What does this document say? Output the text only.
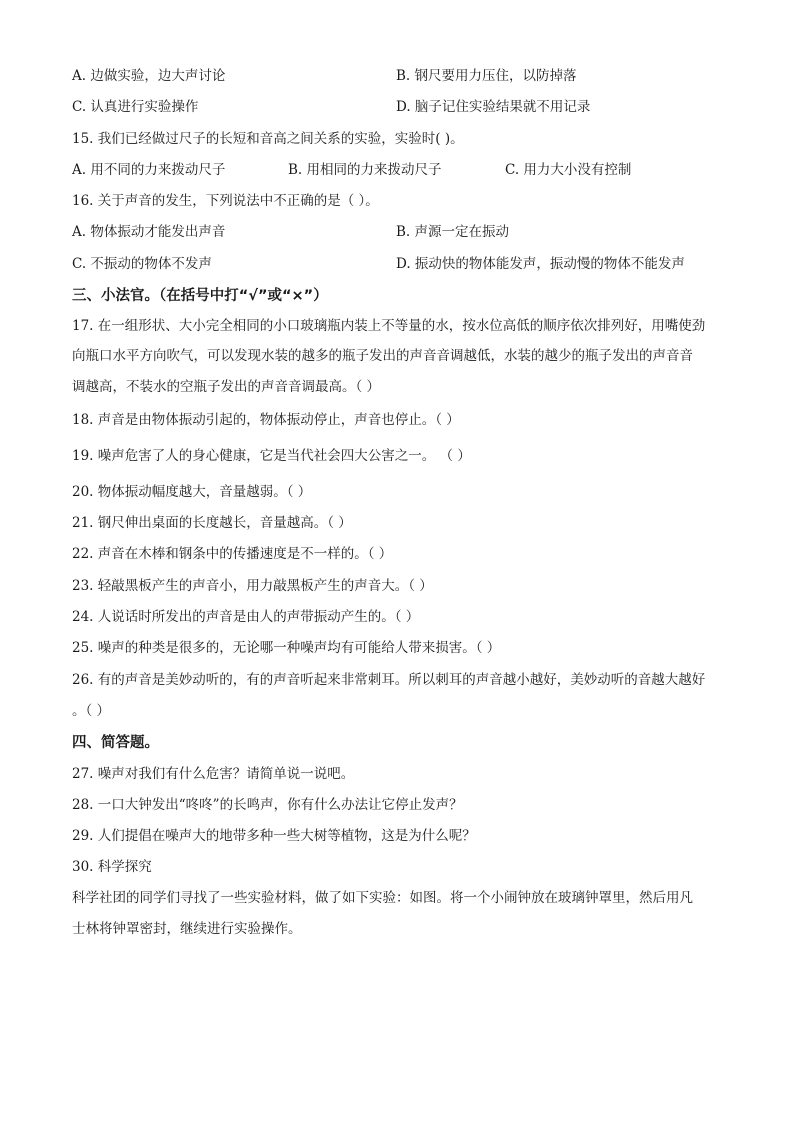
A. 边做实验，边大声讨论	B. 钢尺要用力压住，以防掉落
C. 认真进行实验操作	D. 脑子记住实验结果就不用记录
15. 我们已经做过尺子的长短和音高之间关系的实验，实验时( )。
A. 用不同的力来拨动尺子	B. 用相同的力来拨动尺子	C. 用力大小没有控制
16. 关于声音的发生，下列说法中不正确的是（ ）。
A. 物体振动才能发出声音	B. 声源一定在振动
C. 不振动的物体不发声	D. 振动快的物体能发声，振动慢的物体不能发声
三、小法官。（在括号中打“√”或“×”）
17. 在一组形状、大小完全相同的小口玻璃瓶内装上不等量的水，按水位高低的顺序依次排列好，用嘴使劲
向瓶口水平方向吹气，可以发现水装的越多的瓶子发出的声音音调越低，水装的越少的瓶子发出的声音音
调越高，不装水的空瓶子发出的声音音调最高。（ ）
18. 声音是由物体振动引起的，物体振动停止，声音也停止。（ ）
19. 噪声危害了人的身心健康，它是当代社会四大公害之一。 （ ）
20. 物体振动幅度越大，音量越弱。（ ）
21. 钢尺伸出桌面的长度越长，音量越高。（ ）
22. 声音在木棒和钢条中的传播速度是不一样的。（ ）
23. 轻敲黑板产生的声音小，用力敲黑板产生的声音大。（ ）
24. 人说话时所发出的声音是由人的声带振动产生的。（ ）
25. 噪声的种类是很多的，无论哪一种噪声均有可能给人带来损害。（ ）
26. 有的声音是美妙动听的，有的声音听起来非常刺耳。所以刺耳的声音越小越好，美妙动听的音越大越好
。（ ）
四、简答题。
27. 噪声对我们有什么危害？请简单说一说吧。
28. 一口大钟发出“咚咚”的长鸣声，你有什么办法让它停止发声？
29. 人们提倡在噪声大的地带多种一些大树等植物，这是为什么呢？
30. 科学探究
科学社团的同学们寻找了一些实验材料，做了如下实验：如图。将一个小闹钟放在玻璃钟罩里，然后用凡
士林将钟罩密封，继续进行实验操作。
